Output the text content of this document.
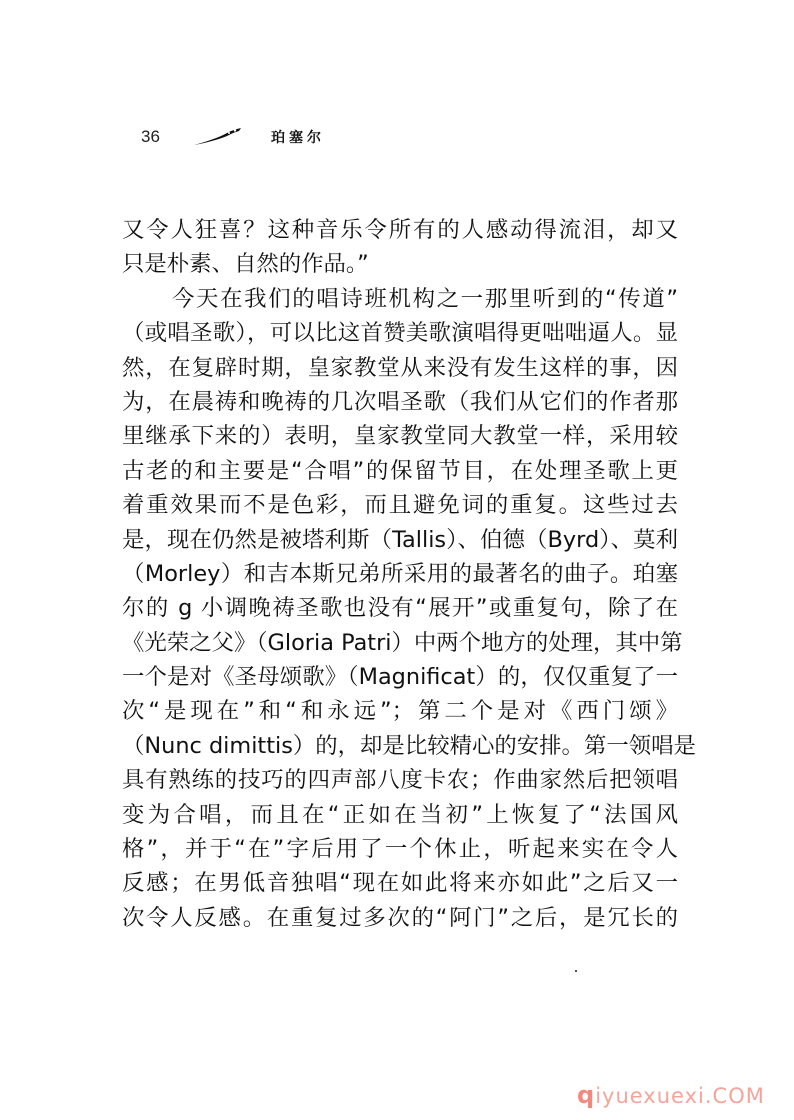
36	珀塞尔
又令人狂喜？这种音乐令所有的人感动得流泪，却又
只是朴素、自然的作品。”
今天在我们的唱诗班机构之一那里听到的“传道”
（或唱圣歌），可以比这首赞美歌演唱得更咄咄逼人。显
然，在复辟时期，皇家教堂从来没有发生这样的事，因
为，在晨祷和晚祷的几次唱圣歌（我们从它们的作者那
里继承下来的）表明，皇家教堂同大教堂一样，采用较
古老的和主要是“合唱”的保留节目，在处理圣歌上更
着重效果而不是色彩，而且避免词的重复。这些过去
是，现在仍然是被塔利斯（Tallis）、伯德（Byrd）、莫利
（Morley）和吉本斯兄弟所采用的最著名的曲子。珀塞
尔的 g 小调晚祷圣歌也没有“展开”或重复句，除了在
《光荣之父》（Gloria Patri）中两个地方的处理，其中第
一个是对《圣母颂歌》（Magnificat）的，仅仅重复了一
次“是现在”和“和永远”；第二个是对《西门颂》
（Nunc dimittis）的，却是比较精心的安排。第一领唱是
具有熟练的技巧的四声部八度卡农；作曲家然后把领唱
变为合唱，而且在“正如在当初”上恢复了“法国风
格”，并于“在”字后用了一个休止，听起来实在令人
反感；在男低音独唱“现在如此将来亦如此”之后又一
次令人反感。在重复过多次的“阿门”之后，是冗长的
qiyuexuexi.COM
